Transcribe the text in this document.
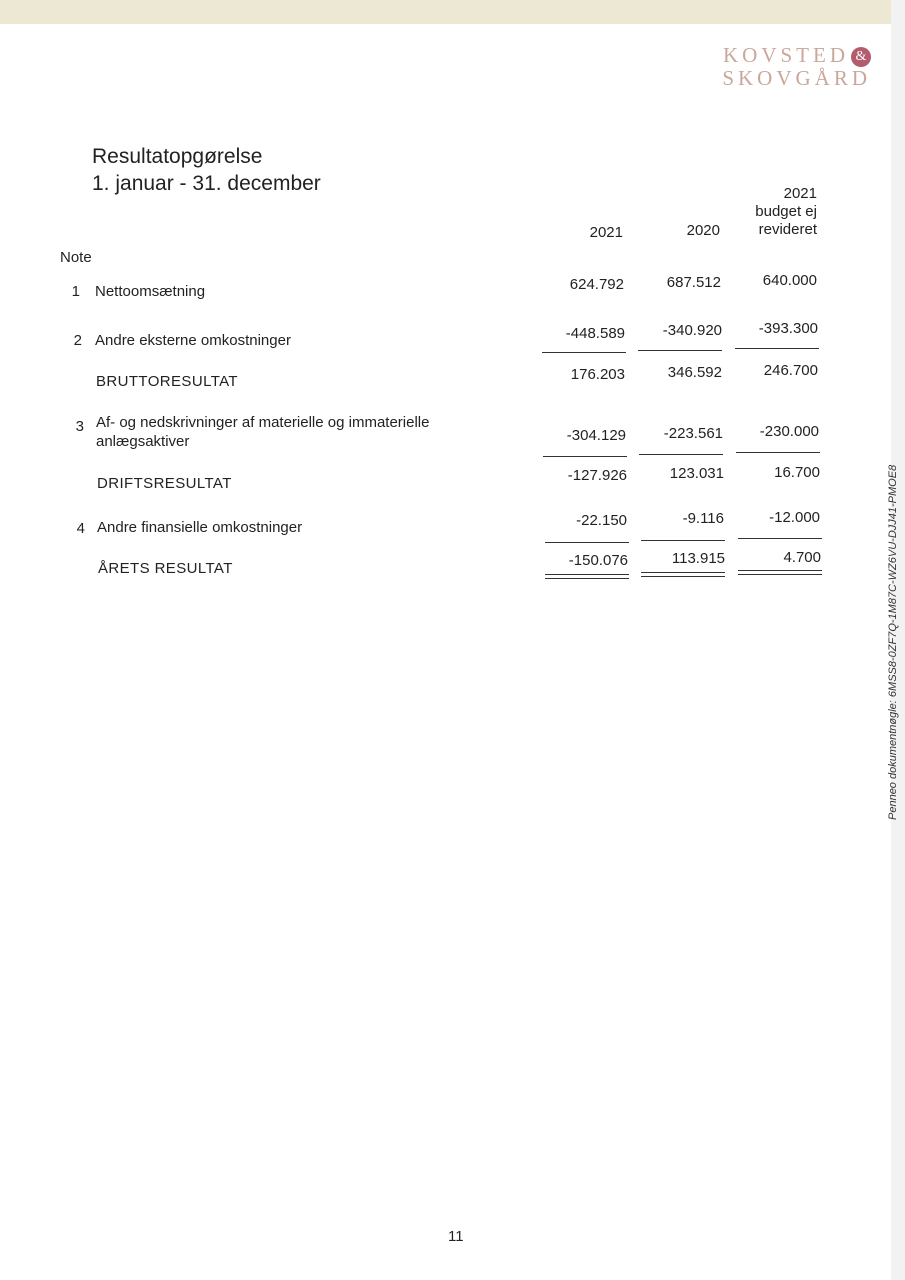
KOVSTED &
SKOVGÅRD
Resultatopgørelse
1. januar - 31. december
2021	2020
2021
budget ej
revideret
Note
1 Nettoomsætning	624.792	687.512	640.000
2 Andre eksterne omkostninger	-448.589	-340.920	-393.300
BRUTTORESULTAT	176.203	346.592	246.700
3 Af- og nedskrivninger af materielle og immaterielle
anlægsaktiver	-304.129	-223.561	-230.000
DRIFTSRESULTAT	-127.926	123.031	16.700
4 Andre finansielle omkostninger	-22.150	-9.116	-12.000
ÅRETS RESULTAT	-150.076	113.915	4.700	Penneo dokumentnøgle: 6MSS8-0ZF7Q-1M87C-WZ6VU-DJJ41-PMOE8
11
